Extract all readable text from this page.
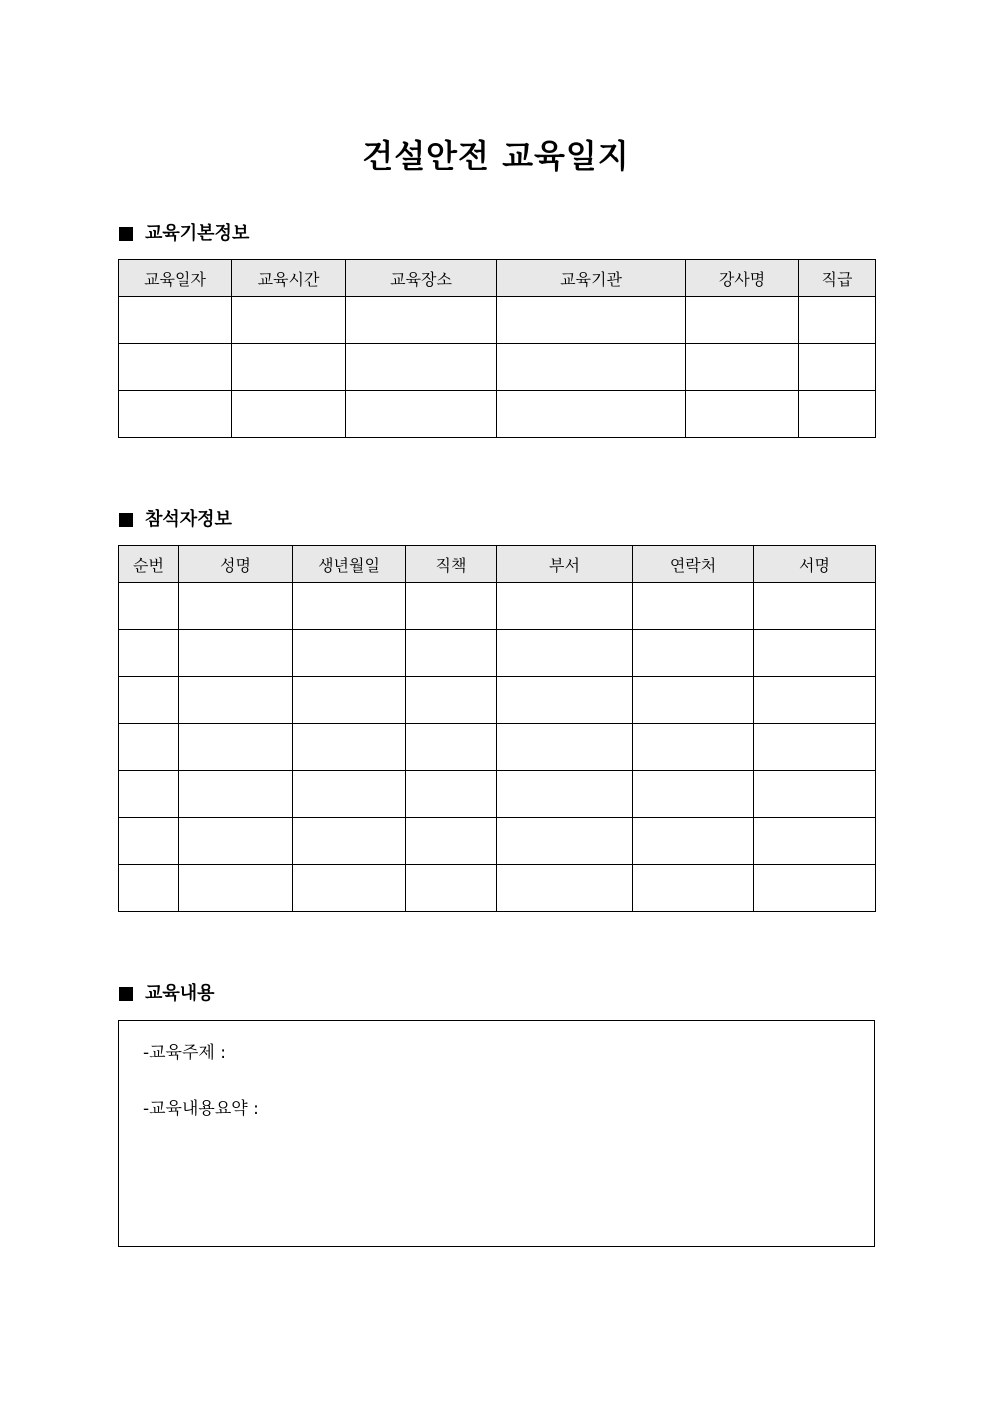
건설안전 교육일지
교육기본정보
교육일자	교육시간	교육장소	교육기관	강사명	직급

참석자정보
순번	성명	생년월일	직책	부서	연락처	서명

교육내용
-교육주제 :
-교육내용요약 :
